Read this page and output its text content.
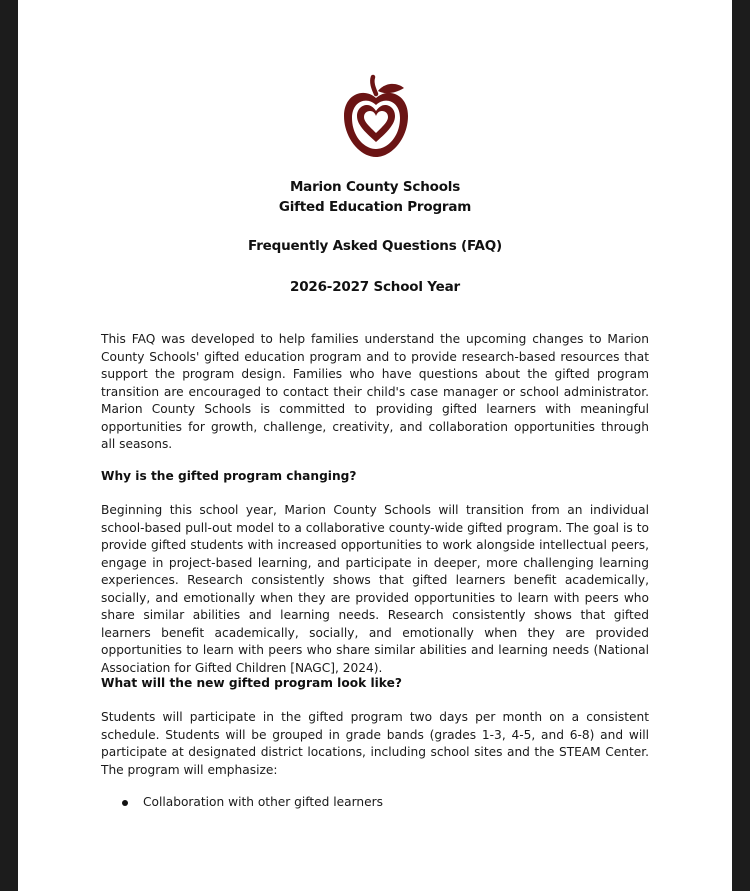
Marion County Schools
Gifted Education Program
Frequently Asked Questions (FAQ)
2026-2027 School Year

This FAQ was developed to help families understand the upcoming changes to Marion County Schools' gifted education program and to provide research-based resources that support the program design. Families who have questions about the gifted program transition are encouraged to contact their child's case manager or school administrator. Marion County Schools is committed to providing gifted learners with meaningful opportunities for growth, challenge, creativity, and collaboration opportunities through all seasons.

Why is the gifted program changing?

Beginning this school year, Marion County Schools will transition from an individual school-based pull-out model to a collaborative county-wide gifted program. The goal is to provide gifted students with increased opportunities to work alongside intellectual peers, engage in project-based learning, and participate in deeper, more challenging learning experiences. Research consistently shows that gifted learners benefit academically, socially, and emotionally when they are provided opportunities to learn with peers who share similar abilities and learning needs. Research consistently shows that gifted learners benefit academically, socially, and emotionally when they are provided opportunities to learn with peers who share similar abilities and learning needs (National Association for Gifted Children [NAGC], 2024).

What will the new gifted program look like?

Students will participate in the gifted program two days per month on a consistent schedule. Students will be grouped in grade bands (grades 1-3, 4-5, and 6-8) and will participate at designated district locations, including school sites and the STEAM Center. The program will emphasize:

Collaboration with other gifted learners
